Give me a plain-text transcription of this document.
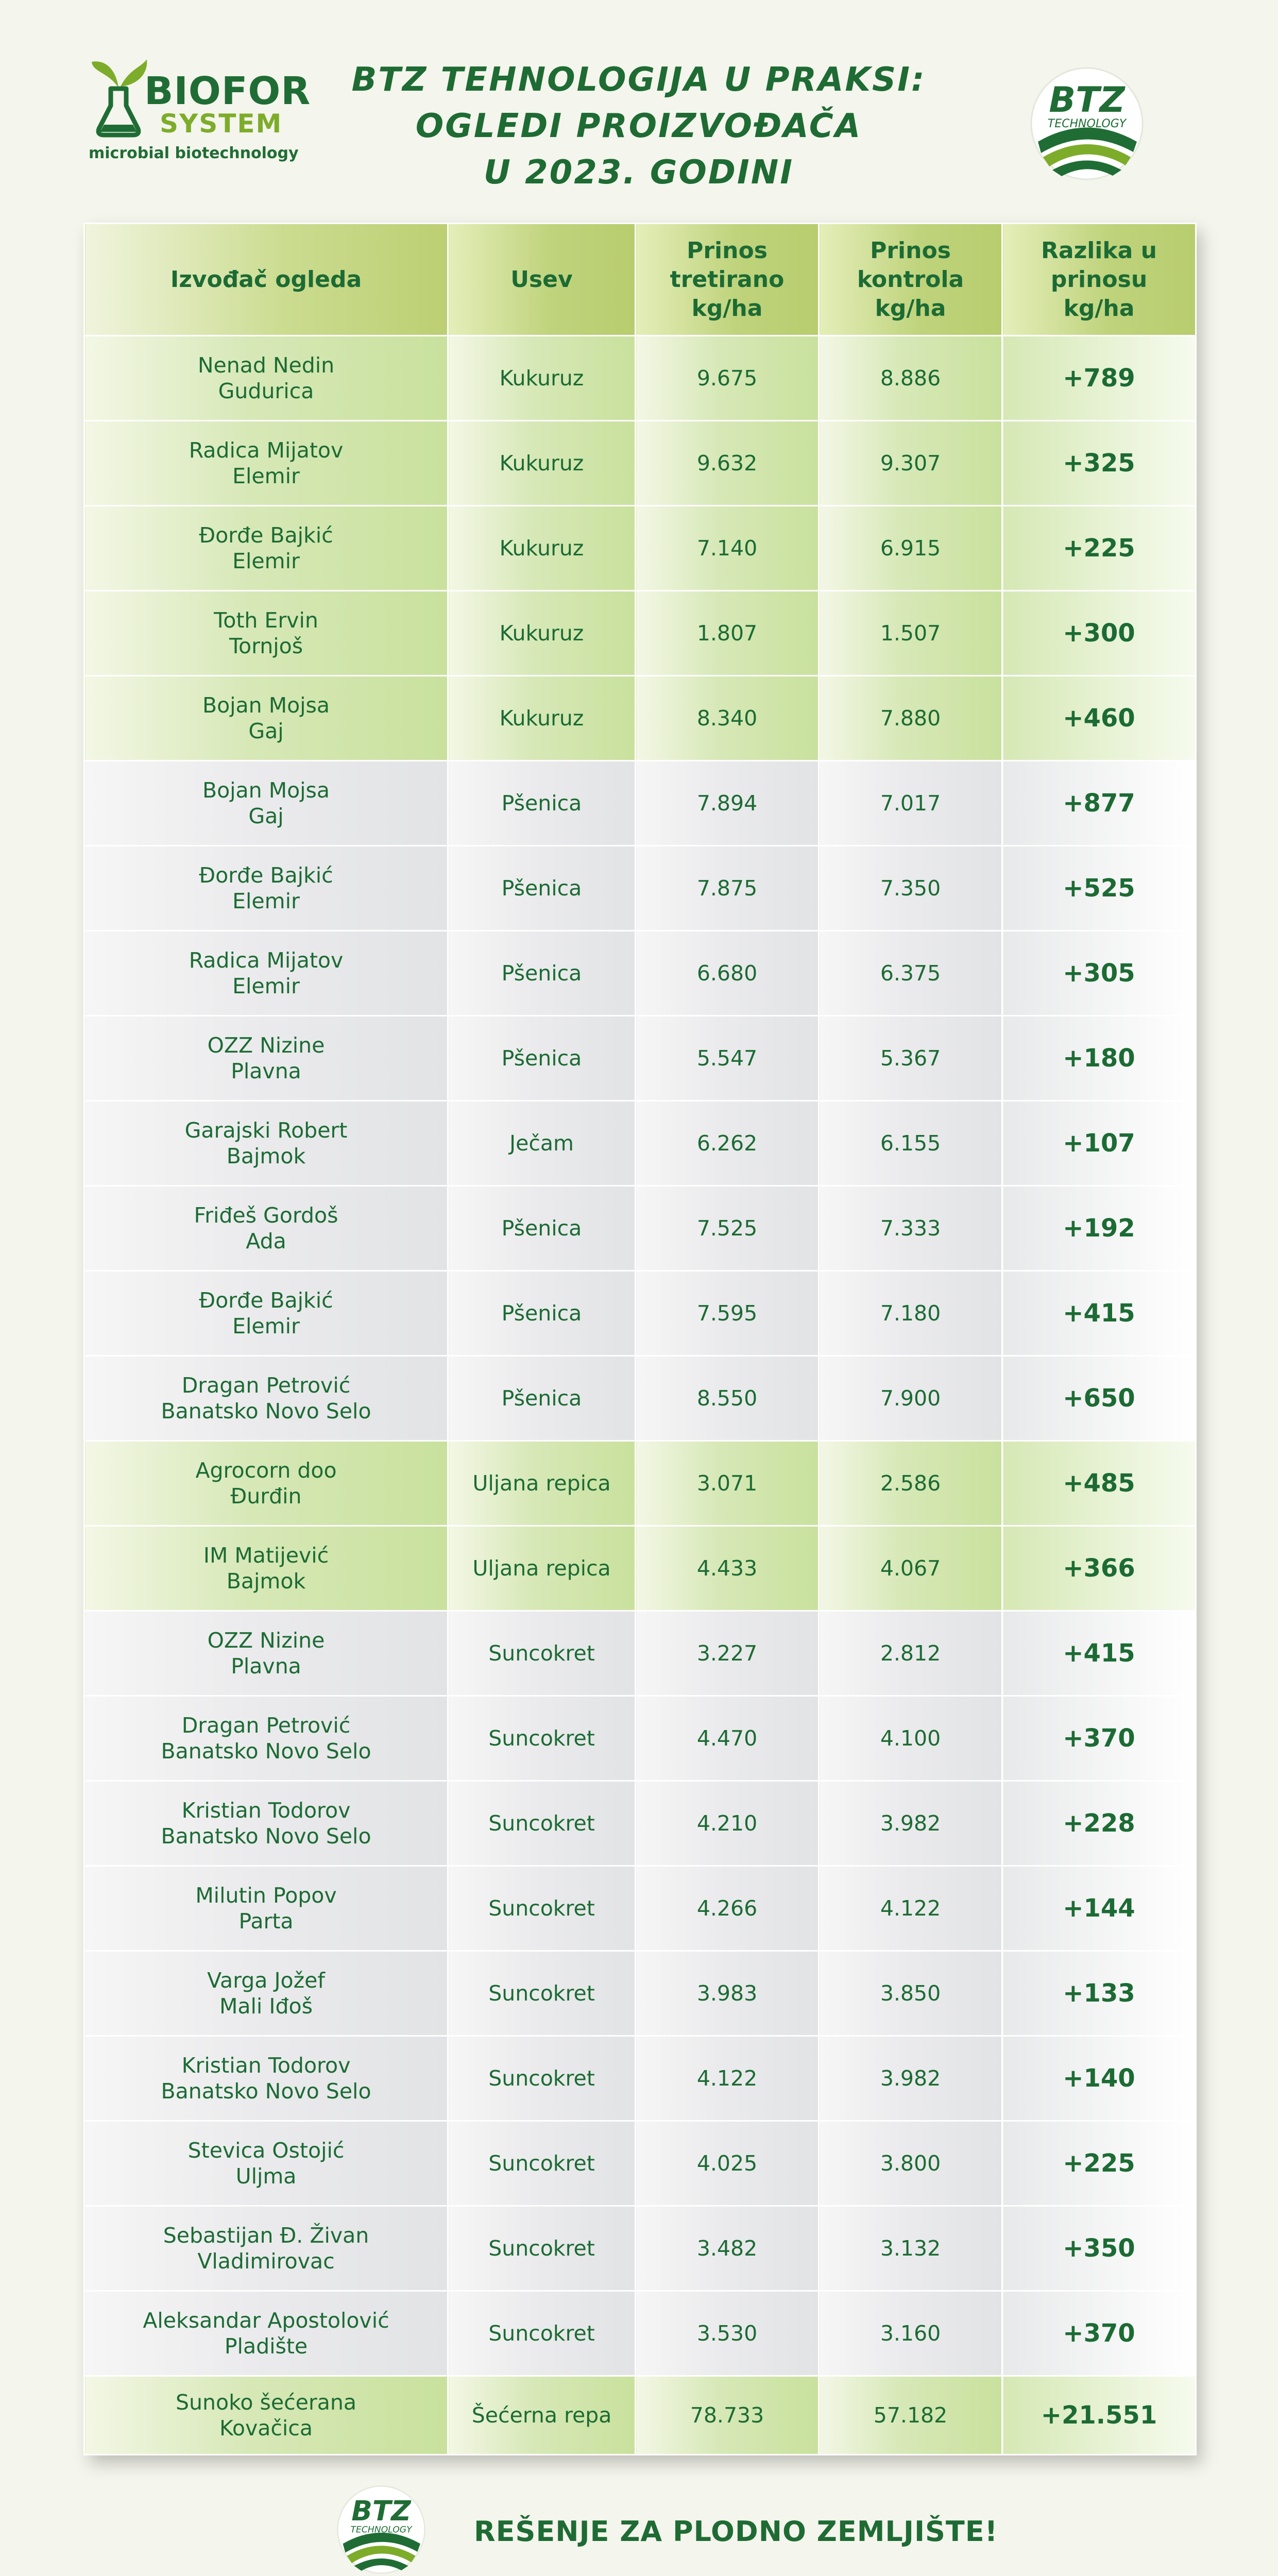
BIOFOR
SYSTEM
microbial biotechnology
BTZ TEHNOLOGIJA U PRAKSI:
OGLEDI PROIZVOĐAČA
U 2023. GODINI
BTZ
TECHNOLOGY
Izvođač ogleda	Usev	Prinos tretirano kg/ha	Prinos kontrola kg/ha	Razlika u prinosu kg/ha

Nenad Nedin
Gudurica	Kukuruz	9.675	8.886	+789

Radica Mijatov
Elemir	Kukuruz	9.632	9.307	+325

Đorđe Bajkić
Elemir	Kukuruz	7.140	6.915	+225

Toth Ervin
Tornjoš	Kukuruz	1.807	1.507	+300

Bojan Mojsa
Gaj	Kukuruz	8.340	7.880	+460

Bojan Mojsa
Gaj	Pšenica	7.894	7.017	+877

Đorđe Bajkić
Elemir	Pšenica	7.875	7.350	+525

Radica Mijatov
Elemir	Pšenica	6.680	6.375	+305

OZZ Nizine
Plavna	Pšenica	5.547	5.367	+180

Garajski Robert
Bajmok	Ječam	6.262	6.155	+107

Friđeš Gordoš
Ada	Pšenica	7.525	7.333	+192

Đorđe Bajkić
Elemir	Pšenica	7.595	7.180	+415

Dragan Petrović
Banatsko Novo Selo	Pšenica	8.550	7.900	+650

Agrocorn doo
Đurđin	Uljana repica	3.071	2.586	+485

IM Matijević
Bajmok	Uljana repica	4.433	4.067	+366

OZZ Nizine
Plavna	Suncokret	3.227	2.812	+415

Dragan Petrović
Banatsko Novo Selo	Suncokret	4.470	4.100	+370

Kristian Todorov
Banatsko Novo Selo	Suncokret	4.210	3.982	+228

Milutin Popov
Parta	Suncokret	4.266	4.122	+144

Varga Jožef
Mali Iđoš	Suncokret	3.983	3.850	+133

Kristian Todorov
Banatsko Novo Selo	Suncokret	4.122	3.982	+140

Stevica Ostojić
Uljma	Suncokret	4.025	3.800	+225

Sebastijan Đ. Živan
Vladimirovac	Suncokret	3.482	3.132	+350

Aleksandar Apostolović
Pladište	Suncokret	3.530	3.160	+370

Sunoko šećerana
Kovačica	Šećerna repa	78.733	57.182	+21.551
BTZ
TECHNOLOGY REŠENJE ZA PLODNO ZEMLJIŠTE!
